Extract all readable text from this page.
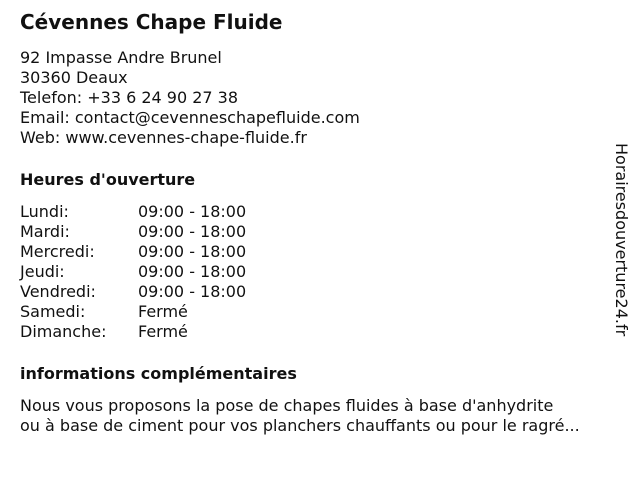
Cévennes Chape Fluide
92 Impasse Andre Brunel
30360 Deaux
Telefon: +33 6 24 90 27 38
Email: contact@cevenneschapefluide.com
Web: www.cevennes-chape-fluide.fr
Heures d'ouverture
Lundi:	09:00 - 18:00
Mardi:	09:00 - 18:00
Mercredi:	09:00 - 18:00
Jeudi:	09:00 - 18:00
Vendredi:	09:00 - 18:00
Samedi:	Fermé
Dimanche:	Fermé
informations complémentaires
Nous vous proposons la pose de chapes fluides à base d'anhydrite
ou à base de ciment pour vos planchers chauffants ou pour le ragré...
Horairesdouverture24.fr
